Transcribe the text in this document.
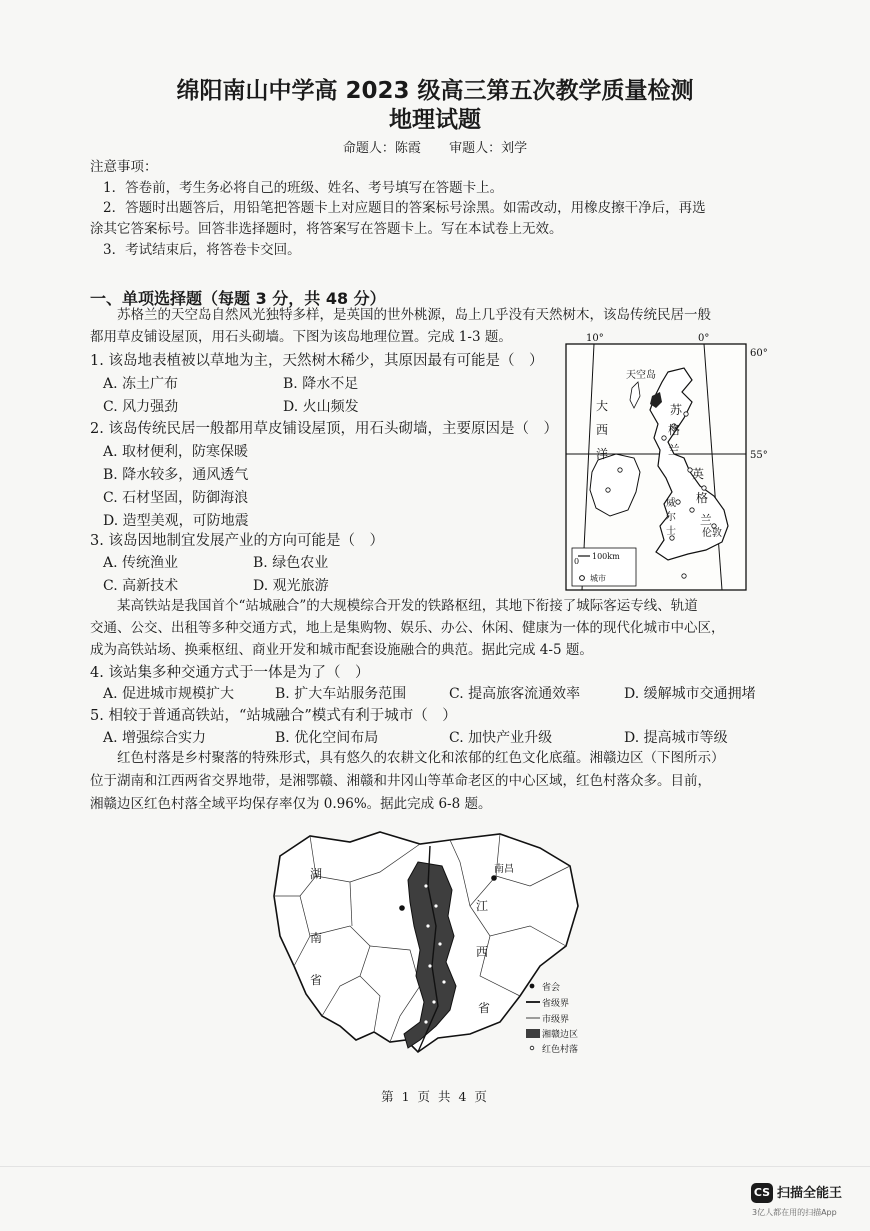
绵阳南山中学高 2023 级高三第五次教学质量检测
地理试题
命题人：陈霞 审题人：刘学
注意事项：
1．答卷前，考生务必将自己的班级、姓名、考号填写在答题卡上。
2．答题时出题答后，用铅笔把答题卡上对应题目的答案标号涂黑。如需改动，用橡皮擦干净后，再选
涂其它答案标号。回答非选择题时，将答案写在答题卡上。写在本试卷上无效。
3．考试结束后，将答卷卡交回。
一、单项选择题（每题 3 分，共 48 分）
苏格兰的天空岛自然风光独特多样，是英国的世外桃源，岛上几乎没有天然树木，该岛传统民居一般
都用草皮铺设屋顶，用石头砌墙。下图为该岛地理位置。完成 1-3 题。
1. 该岛地表植被以草地为主，天然树木稀少，其原因最有可能是（　）
A. 冻土广布	B. 降水不足
C. 风力强劲	D. 火山频发
2. 该岛传统民居一般都用草皮铺设屋顶，用石头砌墙，主要原因是（　）
A. 取材便利，防寒保暖
B. 降水较多，通风透气
C. 石材坚固，防御海浪
D. 造型美观，可防地震
3. 该岛因地制宜发展产业的方向可能是（　）
A. 传统渔业	B. 绿色农业
C. 高新技术	D. 观光旅游
10°	0°
60°
55°
大
西
洋
天空岛
苏
格
兰
英
格
兰
威
尔
士	伦敦
0
100km
城市
某高铁站是我国首个“站城融合”的大规模综合开发的铁路枢纽，其地下衔接了城际客运专线、轨道
交通、公交、出租等多种交通方式，地上是集购物、娱乐、办公、休闲、健康为一体的现代化城市中心区，
成为高铁站场、换乘枢纽、商业开发和城市配套设施融合的典范。据此完成 4-5 题。
4. 该站集多种交通方式于一体是为了（　）
A. 促进城市规模扩大	B. 扩大车站服务范围	C. 提高旅客流通效率	D. 缓解城市交通拥堵
5. 相较于普通高铁站，“站城融合”模式有利于城市（　）
A. 增强综合实力	B. 优化空间布局	C. 加快产业升级	D. 提高城市等级
红色村落是乡村聚落的特殊形式，具有悠久的农耕文化和浓郁的红色文化底蕴。湘赣边区（下图所示）
位于湖南和江西两省交界地带，是湘鄂赣、湘赣和井冈山等革命老区的中心区域，红色村落众多。目前，
湘赣边区红色村落全域平均保存率仅为 0.96%。据此完成 6-8 题。
湖
南
省
江
西
省
南昌
省会
省级界
市级界
湘赣边区
红色村落
第 1 页 共 4 页
CS 扫描全能王
3亿人都在用的扫描App
